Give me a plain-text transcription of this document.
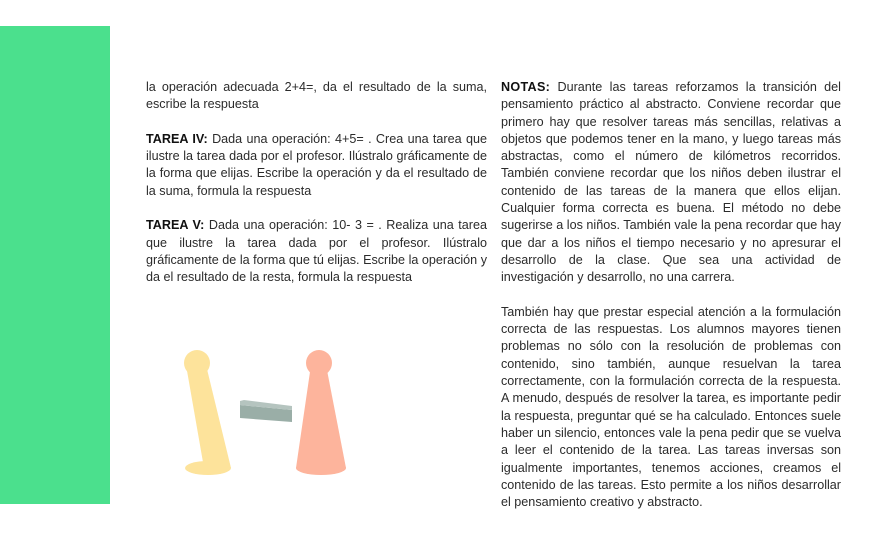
la operación adecuada 2+4=, da el resultado de la suma, escribe la respuesta

TAREA IV: Dada una operación: 4+5= . Crea una tarea que ilustre la tarea dada por el profesor. Ilústralo gráficamente de la forma que elijas. Escribe la operación y da el resultado de la suma, formula la respuesta

TAREA V: Dada una operación: 10- 3 = . Realiza una tarea que ilustre la tarea dada por el profesor. Ilústralo gráficamente de la forma que tú elijas. Escribe la operación y da el resultado de la resta, formula la respuesta

NOTAS: Durante las tareas reforzamos la transición del pensamiento práctico al abstracto. Conviene recordar que primero hay que resolver tareas más sencillas, relativas a objetos que podemos tener en la mano, y luego tareas más abstractas, como el número de kilómetros recorridos. También conviene recordar que los niños deben ilustrar el contenido de las tareas de la manera que ellos elijan. Cualquier forma correcta es buena. El método no debe sugerirse a los niños. También vale la pena recordar que hay que dar a los niños el tiempo necesario y no apresurar el desarrollo de la clase. Que sea una actividad de investigación y desarrollo, no una carrera.

También hay que prestar especial atención a la formulación correcta de las respuestas. Los alumnos mayores tienen problemas no sólo con la resolución de problemas con contenido, sino también, aunque resuelvan la tarea correctamente, con la formulación correcta de la respuesta. A menudo, después de resolver la tarea, es importante pedir la respuesta, preguntar qué se ha calculado. Entonces suele haber un silencio, entonces vale la pena pedir que se vuelva a leer el contenido de la tarea. Las tareas inversas son igualmente importantes, tenemos acciones, creamos el contenido de las tareas. Esto permite a los niños desarrollar el pensamiento creativo y abstracto.
